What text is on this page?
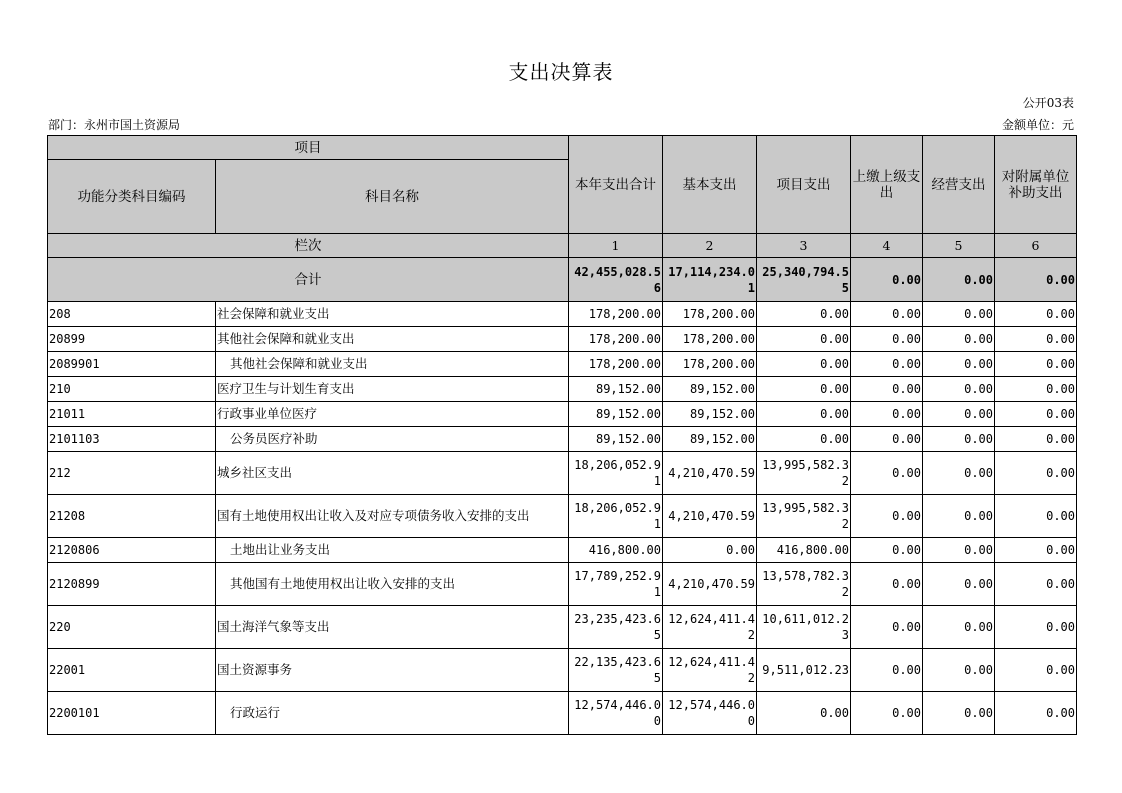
支出决算表
公开03表
部门：永州市国土资源局	金额单位：元
项目		本年支出合计	基本支出	项目支出	上缴上级支出	经营支出	对附属单位补助支出
功能分类科目编码	科目名称						
栏次		1	2	3	4	5	6
合计		42,455,028.56	17,114,234.01	25,340,794.55	0.00	0.00	0.00
208	社会保障和就业支出	178,200.00	178,200.00	0.00	0.00	0.00	0.00
20899	其他社会保障和就业支出	178,200.00	178,200.00	0.00	0.00	0.00	0.00
2089901	其他社会保障和就业支出	178,200.00	178,200.00	0.00	0.00	0.00	0.00
210	医疗卫生与计划生育支出	89,152.00	89,152.00	0.00	0.00	0.00	0.00
21011	行政事业单位医疗	89,152.00	89,152.00	0.00	0.00	0.00	0.00
2101103	公务员医疗补助	89,152.00	89,152.00	0.00	0.00	0.00	0.00
212	城乡社区支出	18,206,052.91	4,210,470.59	13,995,582.32	0.00	0.00	0.00
21208	国有土地使用权出让收入及对应专项债务收入安排的支出	18,206,052.91	4,210,470.59	13,995,582.32	0.00	0.00	0.00
2120806	土地出让业务支出	416,800.00	0.00	416,800.00	0.00	0.00	0.00
2120899	其他国有土地使用权出让收入安排的支出	17,789,252.91	4,210,470.59	13,578,782.32	0.00	0.00	0.00
220	国土海洋气象等支出	23,235,423.65	12,624,411.42	10,611,012.23	0.00	0.00	0.00
22001	国土资源事务	22,135,423.65	12,624,411.42	9,511,012.23	0.00	0.00	0.00
2200101	行政运行	12,574,446.00	12,574,446.00	0.00	0.00	0.00	0.00
